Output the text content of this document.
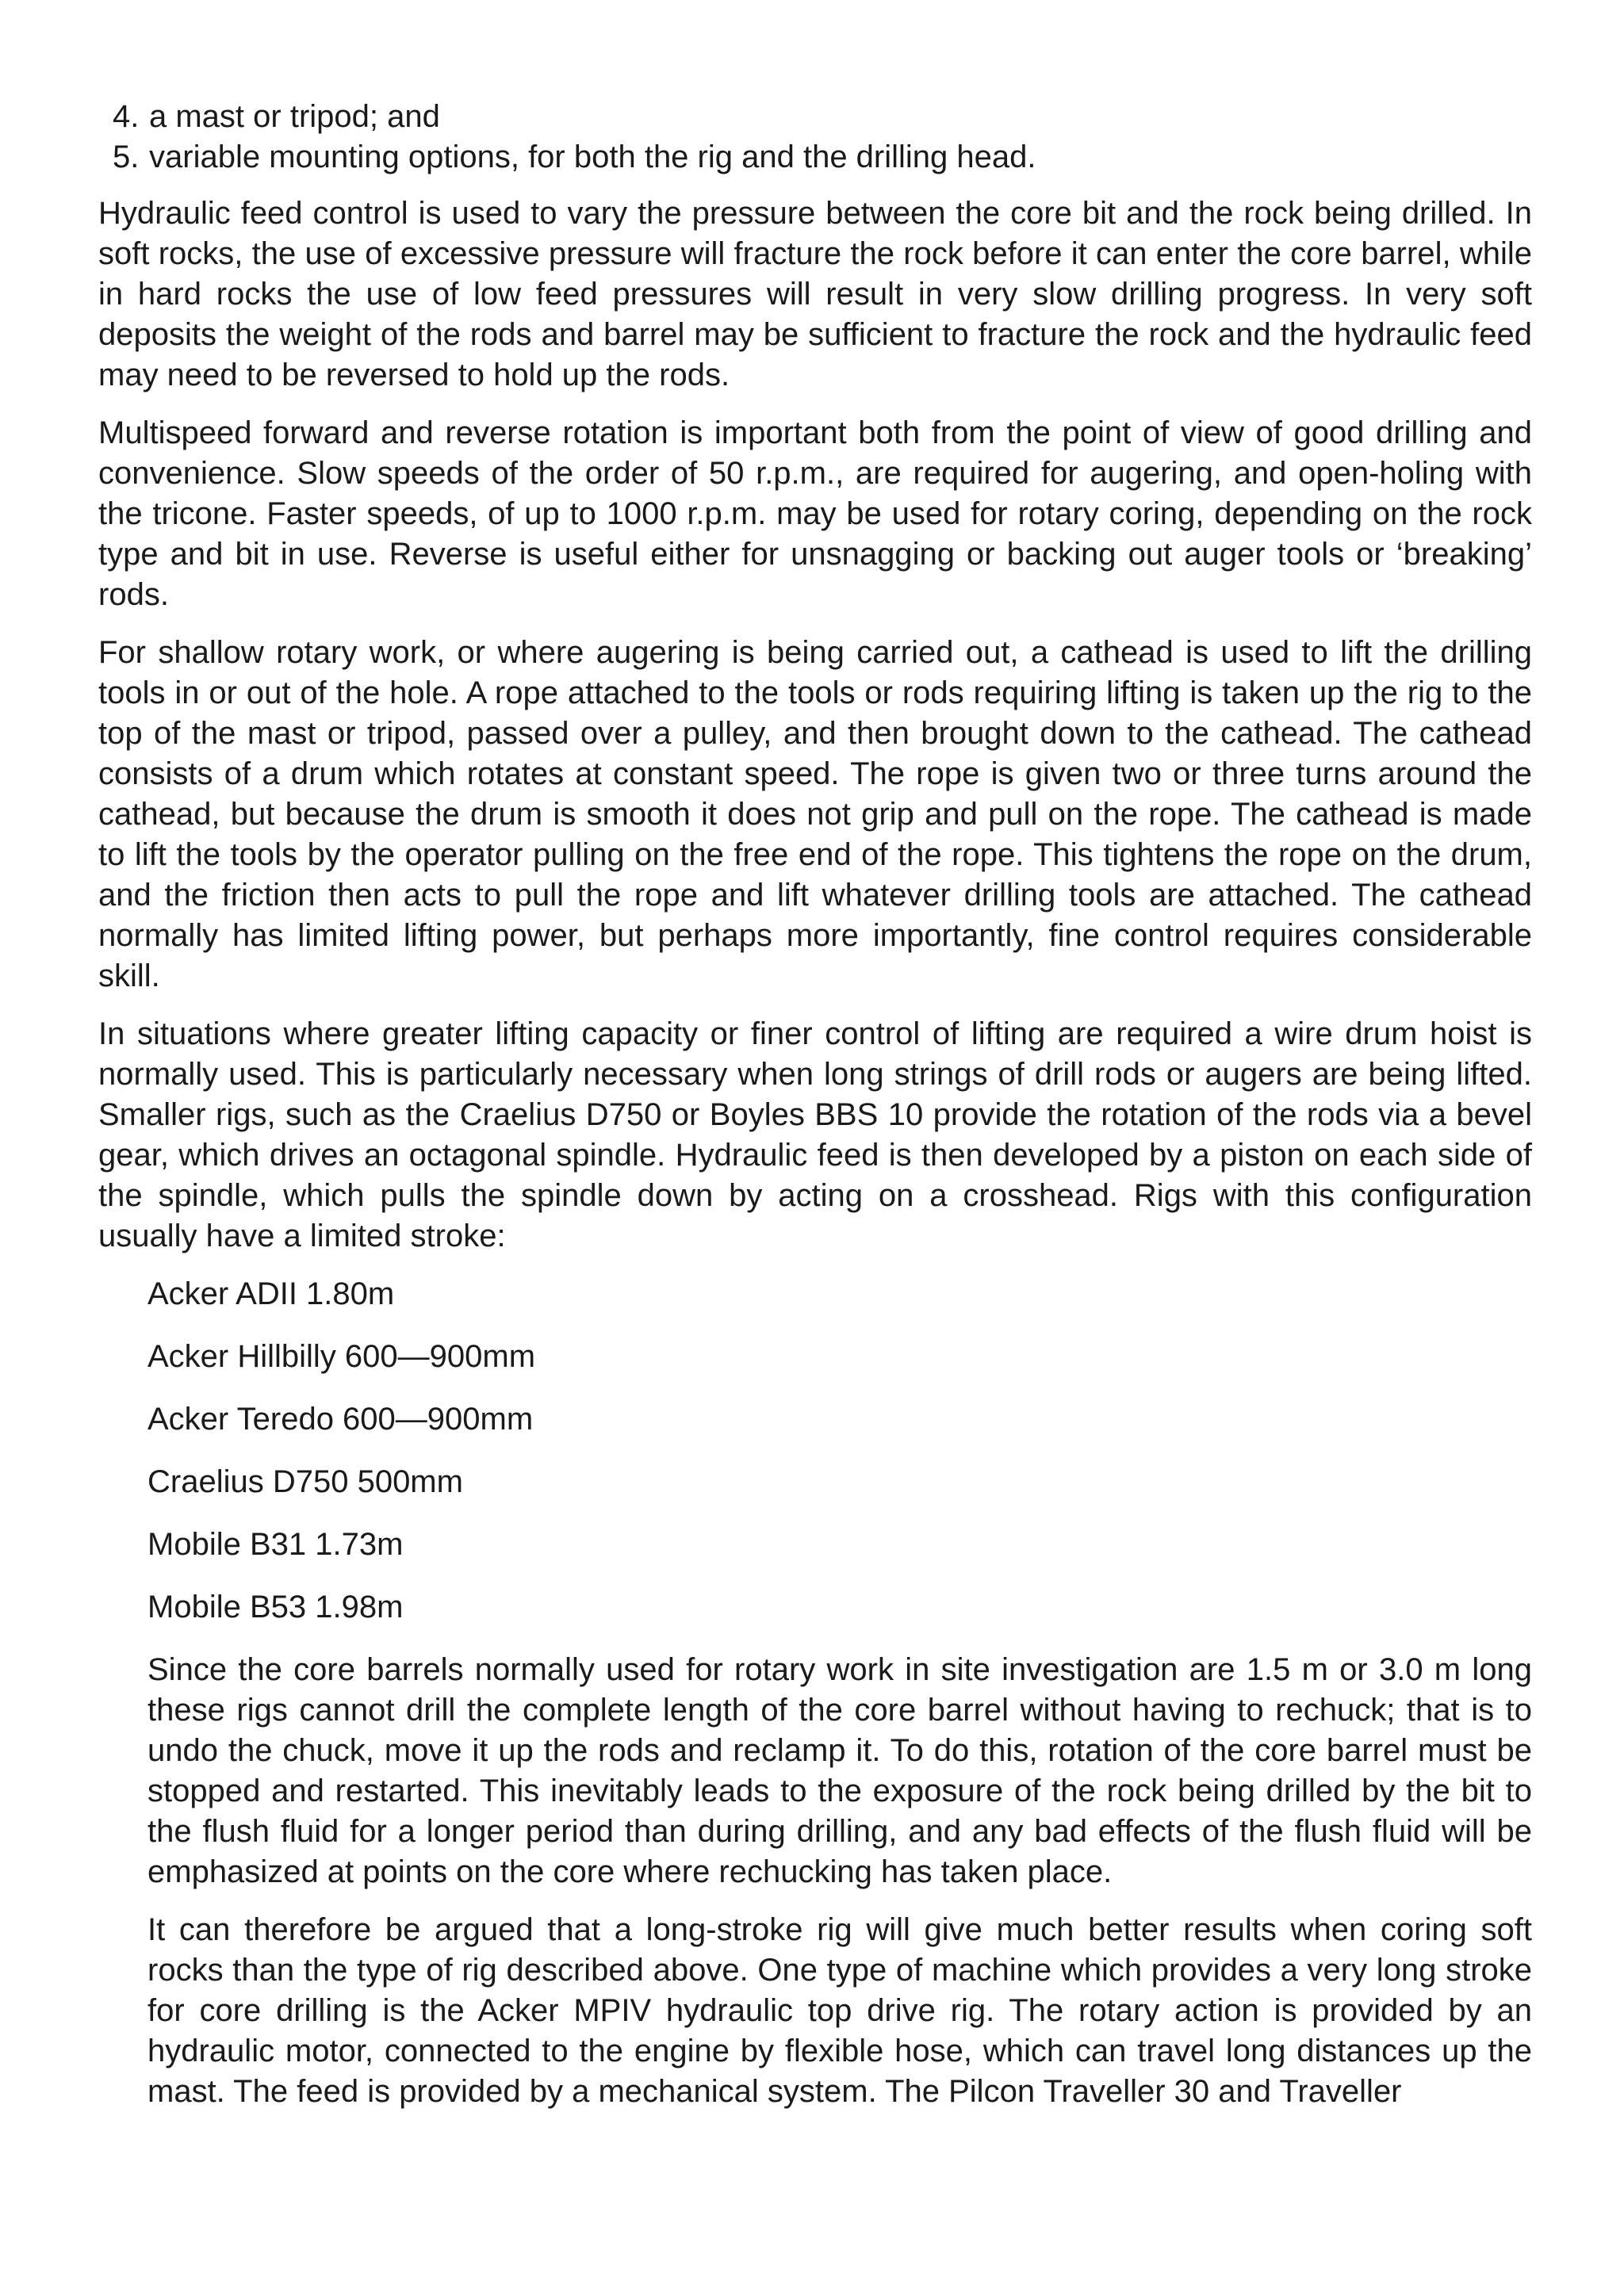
4. a mast or tripod; and
5. variable mounting options, for both the rig and the drilling head.

Hydraulic feed control is used to vary the pressure between the core bit and the rock being drilled. In soft rocks, the use of excessive pressure will fracture the rock before it can enter the core barrel, while in hard rocks the use of low feed pressures will result in very slow drilling progress. In very soft deposits the weight of the rods and barrel may be sufficient to fracture the rock and the hydraulic feed may need to be reversed to hold up the rods.

Multispeed forward and reverse rotation is important both from the point of view of good drilling and convenience. Slow speeds of the order of 50 r.p.m., are required for augering, and open-holing with the tricone. Faster speeds, of up to 1000 r.p.m. may be used for rotary coring, depending on the rock type and bit in use. Reverse is useful either for unsnagging or backing out auger tools or ‘breaking’ rods.

For shallow rotary work, or where augering is being carried out, a cathead is used to lift the drilling tools in or out of the hole. A rope attached to the tools or rods requiring lifting is taken up the rig to the top of the mast or tripod, passed over a pulley, and then brought down to the cathead. The cathead consists of a drum which rotates at constant speed. The rope is given two or three turns around the cathead, but because the drum is smooth it does not grip and pull on the rope. The cathead is made to lift the tools by the operator pulling on the free end of the rope. This tightens the rope on the drum, and the friction then acts to pull the rope and lift whatever drilling tools are attached. The cathead normally has limited lifting power, but perhaps more importantly, fine control requires considerable skill.

In situations where greater lifting capacity or finer control of lifting are required a wire drum hoist is normally used. This is particularly necessary when long strings of drill rods or augers are being lifted. Smaller rigs, such as the Craelius D750 or Boyles BBS 10 provide the rotation of the rods via a bevel gear, which drives an octagonal spindle. Hydraulic feed is then developed by a piston on each side of the spindle, which pulls the spindle down by acting on a crosshead. Rigs with this configuration usually have a limited stroke:

Acker ADII 1.80m
Acker Hillbilly 600—900mm
Acker Teredo 600—900mm
Craelius D750 500mm
Mobile B31 1.73m
Mobile B53 1.98m

Since the core barrels normally used for rotary work in site investigation are 1.5 m or 3.0 m long these rigs cannot drill the complete length of the core barrel without having to rechuck; that is to undo the chuck, move it up the rods and reclamp it. To do this, rotation of the core barrel must be stopped and restarted. This inevitably leads to the exposure of the rock being drilled by the bit to the flush fluid for a longer period than during drilling, and any bad effects of the flush fluid will be emphasized at points on the core where rechucking has taken place.

It can therefore be argued that a long-stroke rig will give much better results when coring soft rocks than the type of rig described above. One type of machine which provides a very long stroke for core drilling is the Acker MPIV hydraulic top drive rig. The rotary action is provided by an hydraulic motor, connected to the engine by flexible hose, which can travel long distances up the mast. The feed is provided by a mechanical system. The Pilcon Traveller 30 and Traveller
